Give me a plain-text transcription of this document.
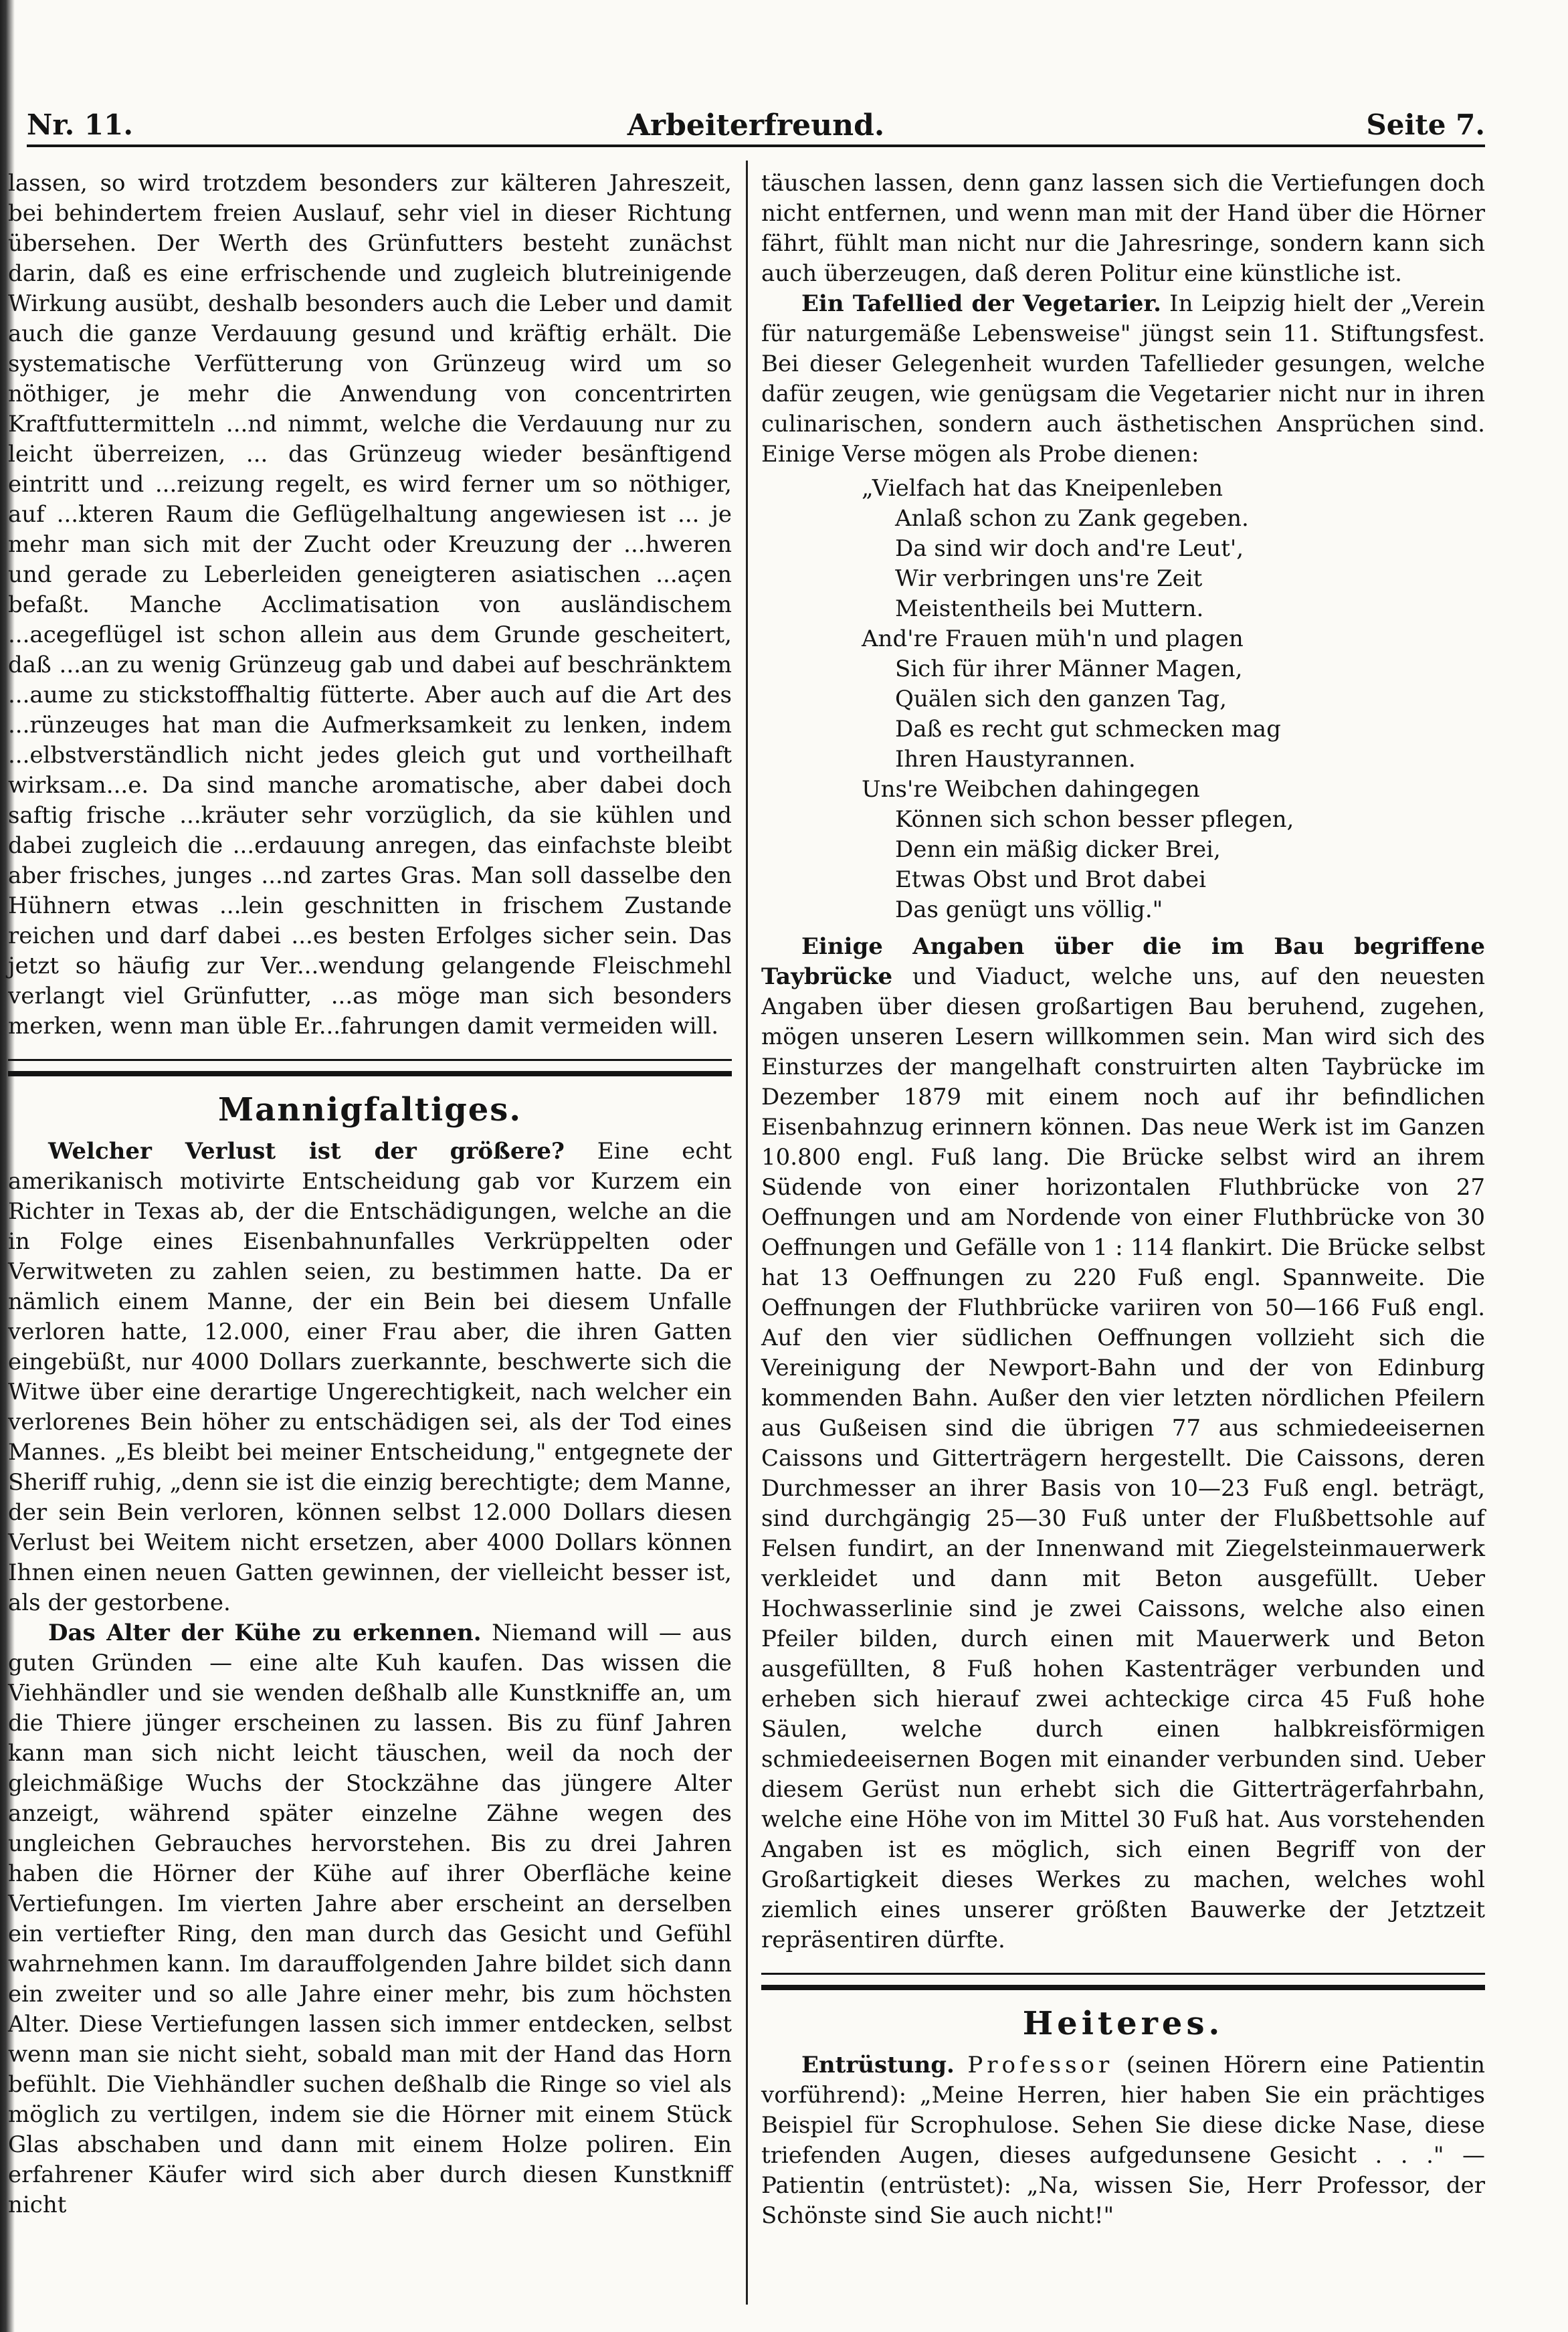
Nr. 11.	Arbeiterfreund.	Seite 7.

lassen, so wird trotzdem besonders zur kälteren Jahreszeit, bei behindertem freien Auslauf, sehr viel in dieser Richtung übersehen. Der Werth des Grünfutters besteht zunächst darin, daß es eine erfrischende und zugleich blutreinigende Wirkung ausübt, deshalb besonders auch die Leber und damit auch die ganze Verdauung gesund und kräftig erhält. Die systematische Verfütterung von Grünzeug wird um so nöthiger, je mehr die Anwendung von concentrirten Kraftfuttermitteln ...nd nimmt, welche die Verdauung nur zu leicht überreizen, ... das Grünzeug wieder besänftigend eintritt und ...reizung regelt, es wird ferner um so nöthiger, auf ...kteren Raum die Geflügelhaltung angewiesen ist ... je mehr man sich mit der Zucht oder Kreuzung der ...hweren und gerade zu Leberleiden geneigteren asiatischen ...açen befaßt. Manche Acclimatisation von ausländischem ...acegeflügel ist schon allein aus dem Grunde gescheitert, daß ...an zu wenig Grünzeug gab und dabei auf beschränktem ...aume zu stickstoffhaltig fütterte. Aber auch auf die Art des ...rünzeuges hat man die Aufmerksamkeit zu lenken, indem ...elbstverständlich nicht jedes gleich gut und vortheilhaft wirksam...e. Da sind manche aromatische, aber dabei doch saftig frische ...kräuter sehr vorzüglich, da sie kühlen und dabei zugleich die ...erdauung anregen, das einfachste bleibt aber frisches, junges ...nd zartes Gras. Man soll dasselbe den Hühnern etwas ...lein geschnitten in frischem Zustande reichen und darf dabei ...es besten Erfolges sicher sein. Das jetzt so häufig zur Ver...wendung gelangende Fleischmehl verlangt viel Grünfutter, ...as möge man sich besonders merken, wenn man üble Er...fahrungen damit vermeiden will.

Mannigfaltiges.

Welcher Verlust ist der größere? Eine echt amerikanisch motivirte Entscheidung gab vor Kurzem ein Richter in Texas ab, der die Entschädigungen, welche an die in Folge eines Eisenbahnunfalles Verkrüppelten oder Verwitweten zu zahlen seien, zu bestimmen hatte. Da er nämlich einem Manne, der ein Bein bei diesem Unfalle verloren hatte, 12.000, einer Frau aber, die ihren Gatten eingebüßt, nur 4000 Dollars zuerkannte, beschwerte sich die Witwe über eine derartige Ungerechtigkeit, nach welcher ein verlorenes Bein höher zu entschädigen sei, als der Tod eines Mannes. „Es bleibt bei meiner Entscheidung," entgegnete der Sheriff ruhig, „denn sie ist die einzig berechtigte; dem Manne, der sein Bein verloren, können selbst 12.000 Dollars diesen Verlust bei Weitem nicht ersetzen, aber 4000 Dollars können Ihnen einen neuen Gatten gewinnen, der vielleicht besser ist, als der gestorbene.

Das Alter der Kühe zu erkennen. Niemand will — aus guten Gründen — eine alte Kuh kaufen. Das wissen die Viehhändler und sie wenden deßhalb alle Kunstkniffe an, um die Thiere jünger erscheinen zu lassen. Bis zu fünf Jahren kann man sich nicht leicht täuschen, weil da noch der gleichmäßige Wuchs der Stockzähne das jüngere Alter anzeigt, während später einzelne Zähne wegen des ungleichen Gebrauches hervorstehen. Bis zu drei Jahren haben die Hörner der Kühe auf ihrer Oberfläche keine Vertiefungen. Im vierten Jahre aber erscheint an derselben ein vertiefter Ring, den man durch das Gesicht und Gefühl wahrnehmen kann. Im darauffolgenden Jahre bildet sich dann ein zweiter und so alle Jahre einer mehr, bis zum höchsten Alter. Diese Vertiefungen lassen sich immer entdecken, selbst wenn man sie nicht sieht, sobald man mit der Hand das Horn befühlt. Die Viehhändler suchen deßhalb die Ringe so viel als möglich zu vertilgen, indem sie die Hörner mit einem Stück Glas abschaben und dann mit einem Holze poliren. Ein erfahrener Käufer wird sich aber durch diesen Kunstkniff nicht

täuschen lassen, denn ganz lassen sich die Vertiefungen doch nicht entfernen, und wenn man mit der Hand über die Hörner fährt, fühlt man nicht nur die Jahresringe, sondern kann sich auch überzeugen, daß deren Politur eine künstliche ist.

Ein Tafellied der Vegetarier. In Leipzig hielt der „Verein für naturgemäße Lebensweise" jüngst sein 11. Stiftungsfest. Bei dieser Gelegenheit wurden Tafellieder gesungen, welche dafür zeugen, wie genügsam die Vegetarier nicht nur in ihren culinarischen, sondern auch ästhetischen Ansprüchen sind. Einige Verse mögen als Probe dienen:

„Vielfach hat das Kneipenleben
Anlaß schon zu Zank gegeben.
Da sind wir doch and're Leut',
Wir verbringen uns're Zeit
Meistentheils bei Muttern.
And're Frauen müh'n und plagen
Sich für ihrer Männer Magen,
Quälen sich den ganzen Tag,
Daß es recht gut schmecken mag
Ihren Haustyrannen.
Uns're Weibchen dahingegen
Können sich schon besser pflegen,
Denn ein mäßig dicker Brei,
Etwas Obst und Brot dabei
Das genügt uns völlig."

Einige Angaben über die im Bau begriffene Taybrücke und Viaduct, welche uns, auf den neuesten Angaben über diesen großartigen Bau beruhend, zugehen, mögen unseren Lesern willkommen sein. Man wird sich des Einsturzes der mangelhaft construirten alten Taybrücke im Dezember 1879 mit einem noch auf ihr befindlichen Eisenbahnzug erinnern können. Das neue Werk ist im Ganzen 10.800 engl. Fuß lang. Die Brücke selbst wird an ihrem Südende von einer horizontalen Fluthbrücke von 27 Oeffnungen und am Nordende von einer Fluthbrücke von 30 Oeffnungen und Gefälle von 1 : 114 flankirt. Die Brücke selbst hat 13 Oeffnungen zu 220 Fuß engl. Spannweite. Die Oeffnungen der Fluthbrücke variiren von 50—166 Fuß engl. Auf den vier südlichen Oeffnungen vollzieht sich die Vereinigung der Newport-Bahn und der von Edinburg kommenden Bahn. Außer den vier letzten nördlichen Pfeilern aus Gußeisen sind die übrigen 77 aus schmiedeeisernen Caissons und Gitterträgern hergestellt. Die Caissons, deren Durchmesser an ihrer Basis von 10—23 Fuß engl. beträgt, sind durchgängig 25—30 Fuß unter der Flußbettsohle auf Felsen fundirt, an der Innenwand mit Ziegelsteinmauerwerk verkleidet und dann mit Beton ausgefüllt. Ueber Hochwasserlinie sind je zwei Caissons, welche also einen Pfeiler bilden, durch einen mit Mauerwerk und Beton ausgefüllten, 8 Fuß hohen Kastenträger verbunden und erheben sich hierauf zwei achteckige circa 45 Fuß hohe Säulen, welche durch einen halbkreisförmigen schmiedeeisernen Bogen mit einander verbunden sind. Ueber diesem Gerüst nun erhebt sich die Gitterträgerfahrbahn, welche eine Höhe von im Mittel 30 Fuß hat. Aus vorstehenden Angaben ist es möglich, sich einen Begriff von der Großartigkeit dieses Werkes zu machen, welches wohl ziemlich eines unserer größten Bauwerke der Jetztzeit repräsentiren dürfte.

Heiteres.

Entrüstung. Professor (seinen Hörern eine Patientin vorführend): „Meine Herren, hier haben Sie ein prächtiges Beispiel für Scrophulose. Sehen Sie diese dicke Nase, diese triefenden Augen, dieses aufgedunsene Gesicht . . ." — Patientin (entrüstet): „Na, wissen Sie, Herr Professor, der Schönste sind Sie auch nicht!"
